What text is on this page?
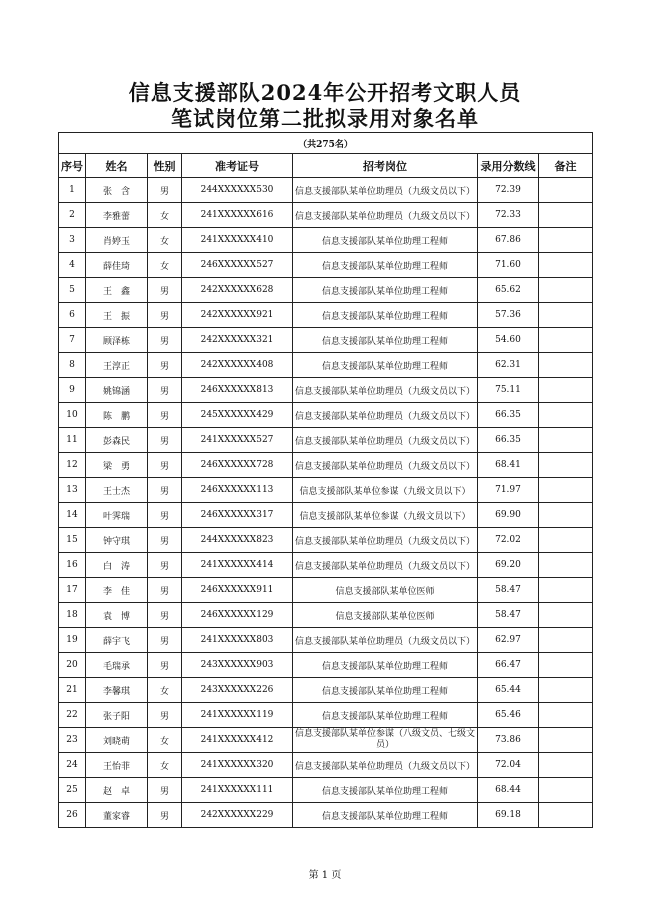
信息支援部队2024年公开招考文职人员
笔试岗位第二批拟录用对象名单
（共275名）						
序号	姓名	性别	准考证号	招考岗位	录用分数线	备注
1	张　含	男	244XXXXXX530	信息支援部队某单位助理员（九级文员以下）	72.39	
2	李雅蕾	女	241XXXXXX616	信息支援部队某单位助理员（九级文员以下）	72.33	
3	肖婷玉	女	241XXXXXX410	信息支援部队某单位助理工程师	67.86	
4	薛佳琦	女	246XXXXXX527	信息支援部队某单位助理工程师	71.60	
5	王　鑫	男	242XXXXXX628	信息支援部队某单位助理工程师	65.62	
6	王　振	男	242XXXXXX921	信息支援部队某单位助理工程师	57.36	
7	顾泽栋	男	242XXXXXX321	信息支援部队某单位助理工程师	54.60	
8	王淳正	男	242XXXXXX408	信息支援部队某单位助理工程师	62.31	
9	姚锦涵	男	246XXXXXX813	信息支援部队某单位助理员（九级文员以下）	75.11	
10	陈　鹏	男	245XXXXXX429	信息支援部队某单位助理员（九级文员以下）	66.35	
11	彭森民	男	241XXXXXX527	信息支援部队某单位助理员（九级文员以下）	66.35	
12	梁　勇	男	246XXXXXX728	信息支援部队某单位助理员（九级文员以下）	68.41	
13	王士杰	男	246XXXXXX113	信息支援部队某单位参谋（九级文员以下）	71.97	
14	叶霁瑞	男	246XXXXXX317	信息支援部队某单位参谋（九级文员以下）	69.90	
15	钟守琪	男	244XXXXXX823	信息支援部队某单位助理员（九级文员以下）	72.02	
16	白　涛	男	241XXXXXX414	信息支援部队某单位助理员（九级文员以下）	69.20	
17	李　佳	男	246XXXXXX911	信息支援部队某单位医师	58.47	
18	袁　博	男	246XXXXXX129	信息支援部队某单位医师	58.47	
19	薛宇飞	男	241XXXXXX803	信息支援部队某单位助理员（九级文员以下）	62.97	
20	毛瑞承	男	243XXXXXX903	信息支援部队某单位助理工程师	66.47	
21	李馨琪	女	243XXXXXX226	信息支援部队某单位助理工程师	65.44	
22	张子阳	男	241XXXXXX119	信息支援部队某单位助理工程师	65.46	
23	刘晓萌	女	241XXXXXX412	信息支援部队某单位参谋（八级文员、七级文员）	73.86	
24	王怡菲	女	241XXXXXX320	信息支援部队某单位助理员（九级文员以下）	72.04	
25	赵　卓	男	241XXXXXX111	信息支援部队某单位助理工程师	68.44	
26	董家睿	男	242XXXXXX229	信息支援部队某单位助理工程师	69.18	
第 1 页
